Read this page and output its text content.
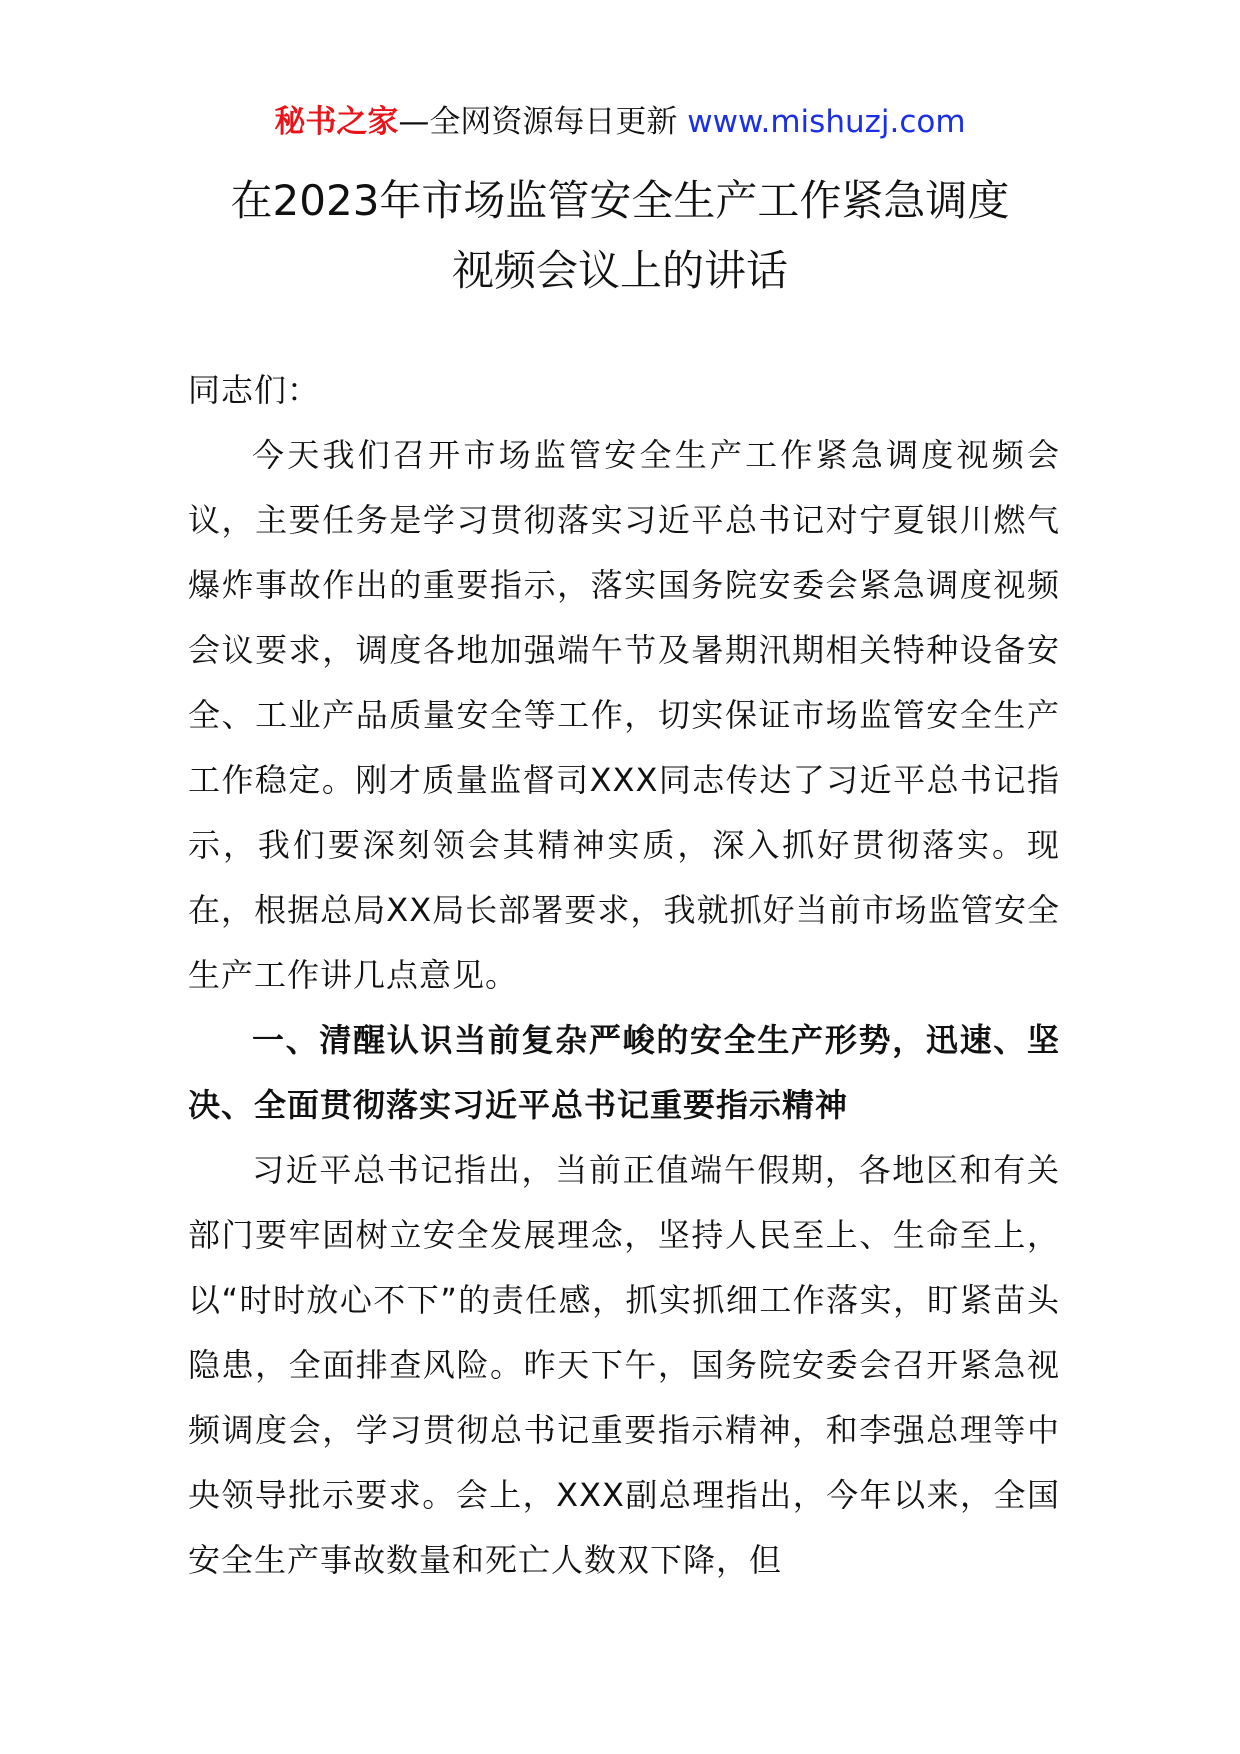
秘书之家—全网资源每日更新 www.mishuzj.com
在2023年市场监管安全生产工作紧急调度
视频会议上的讲话

同志们：

今天我们召开市场监管安全生产工作紧急调度视频会议，主要任务是学习贯彻落实习近平总书记对宁夏银川燃气爆炸事故作出的重要指示，落实国务院安委会紧急调度视频会议要求，调度各地加强端午节及暑期汛期相关特种设备安全、工业产品质量安全等工作，切实保证市场监管安全生产工作稳定。刚才质量监督司XXX同志传达了习近平总书记指示，我们要深刻领会其精神实质，深入抓好贯彻落实。现在，根据总局XX局长部署要求，我就抓好当前市场监管安全生产工作讲几点意见。

一、清醒认识当前复杂严峻的安全生产形势，迅速、坚决、全面贯彻落实习近平总书记重要指示精神

习近平总书记指出，当前正值端午假期，各地区和有关部门要牢固树立安全发展理念，坚持人民至上、生命至上，以“时时放心不下”的责任感，抓实抓细工作落实，盯紧苗头隐患，全面排查风险。昨天下午，国务院安委会召开紧急视频调度会，学习贯彻总书记重要指示精神，和李强总理等中央领导批示要求。会上，XXX副总理指出，今年以来，全国安全生产事故数量和死亡人数双下降，但
